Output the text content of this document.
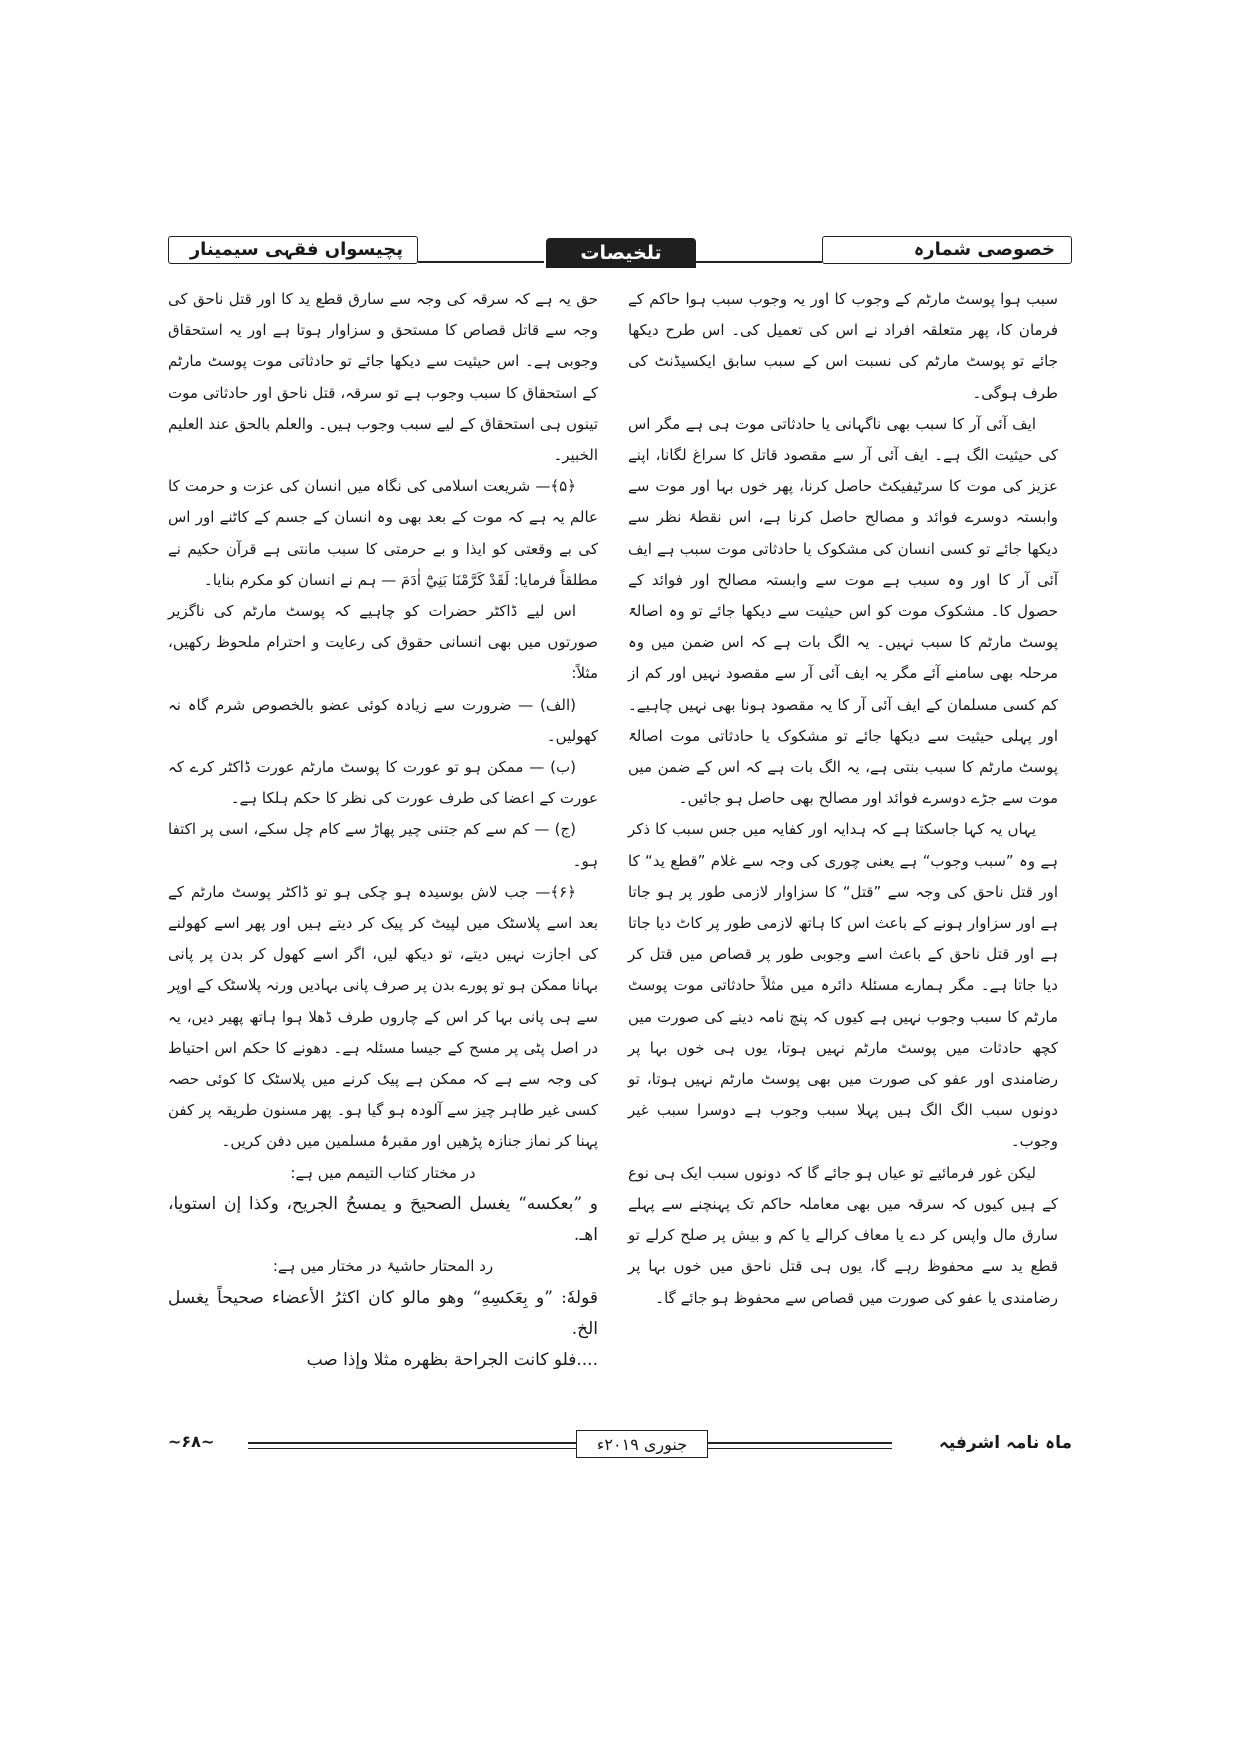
خصوصی شمارہ
تلخیصات
پچیسواں فقہی سیمینار

سبب ہوا پوسٹ مارٹم کے وجوب کا اور یہ وجوب سبب ہوا حاکم کے فرمان کا، پھر متعلقہ افراد نے اس کی تعمیل کی۔ اس طرح دیکھا جائے تو پوسٹ مارٹم کی نسبت اس کے سبب سابق ایکسیڈنٹ کی طرف ہوگی۔

ایف آئی آر کا سبب بھی ناگہانی یا حادثاتی موت ہی ہے مگر اس کی حیثیت الگ ہے۔ ایف آئی آر سے مقصود قاتل کا سراغ لگانا، اپنے عزیز کی موت کا سرٹیفیکٹ حاصل کرنا، پھر خوں بہا اور موت سے وابستہ دوسرے فوائد و مصالح حاصل کرنا ہے، اس نقطۂ نظر سے دیکھا جائے تو کسی انسان کی مشکوک یا حادثاتی موت سبب ہے ایف آئی آر کا اور وہ سبب ہے موت سے وابستہ مصالح اور فوائد کے حصول کا۔ مشکوک موت کو اس حیثیت سے دیکھا جائے تو وہ اصالۃً پوسٹ مارٹم کا سبب نہیں۔ یہ الگ بات ہے کہ اس ضمن میں وہ مرحلہ بھی سامنے آئے مگر یہ ایف آئی آر سے مقصود نہیں اور کم از کم کسی مسلمان کے ایف آئی آر کا یہ مقصود ہونا بھی نہیں چاہیے۔ اور پہلی حیثیت سے دیکھا جائے تو مشکوک یا حادثاتی موت اصالۃً پوسٹ مارٹم کا سبب بنتی ہے، یہ الگ بات ہے کہ اس کے ضمن میں موت سے جڑے دوسرے فوائد اور مصالح بھی حاصل ہو جائیں۔

یہاں یہ کہا جاسکتا ہے کہ ہدایہ اور کفایہ میں جس سبب کا ذکر ہے وہ ”سبب وجوب“ ہے یعنی چوری کی وجہ سے غلام ”قطع ید“ کا اور قتل ناحق کی وجہ سے ”قتل“ کا سزاوار لازمی طور پر ہو جاتا ہے اور سزاوار ہونے کے باعث اس کا ہاتھ لازمی طور پر کاٹ دیا جاتا ہے اور قتل ناحق کے باعث اسے وجوبی طور پر قصاص میں قتل کر دیا جاتا ہے۔ مگر ہمارے مسئلۂ دائرہ میں مثلاً حادثاتی موت پوسٹ مارٹم کا سبب وجوب نہیں ہے کیوں کہ پنچ نامہ دینے کی صورت میں کچھ حادثات میں پوسٹ مارٹم نہیں ہوتا، یوں ہی خوں بہا پر رضامندی اور عفو کی صورت میں بھی پوسٹ مارٹم نہیں ہوتا، تو دونوں سبب الگ الگ ہیں پہلا سبب وجوب ہے دوسرا سبب غیر وجوب۔

لیکن غور فرمائیے تو عیاں ہو جائے گا کہ دونوں سبب ایک ہی نوع کے ہیں کیوں کہ سرقہ میں بھی معاملہ حاکم تک پہنچنے سے پہلے سارق مال واپس کر دے یا معاف کرالے یا کم و بیش پر صلح کرلے تو قطع ید سے محفوظ رہے گا، یوں ہی قتل ناحق میں خوں بہا پر رضامندی یا عفو کی صورت میں قصاص سے محفوظ ہو جائے گا۔

حق یہ ہے کہ سرقہ کی وجہ سے سارق قطع ید کا اور قتل ناحق کی وجہ سے قاتل قصاص کا مستحق و سزاوار ہوتا ہے اور یہ استحقاق وجوبی ہے۔ اس حیثیت سے دیکھا جائے تو حادثاتی موت پوسٹ مارٹم کے استحقاق کا سبب وجوب ہے تو سرقہ، قتل ناحق اور حادثاتی موت تینوں ہی استحقاق کے لیے سبب وجوب ہیں۔ والعلم بالحق عند العلیم الخبیر۔

﴿۵﴾— شریعت اسلامی کی نگاہ میں انسان کی عزت و حرمت کا عالم یہ ہے کہ موت کے بعد بھی وہ انسان کے جسم کے کاٹنے اور اس کی بے وقعتی کو ایذا و بے حرمتی کا سبب مانتی ہے قرآن حکیم نے مطلقاً فرمایا: لَقَدْ كَرَّمْنَا بَنِيْٓ اٰدَمَ — ہم نے انسان کو مکرم بنایا۔

اس لیے ڈاکٹر حضرات کو چاہیے کہ پوسٹ مارٹم کی ناگزیر صورتوں میں بھی انسانی حقوق کی رعایت و احترام ملحوظ رکھیں، مثلاً:

(الف) — ضرورت سے زیادہ کوئی عضو بالخصوص شرم گاہ نہ کھولیں۔

(ب) — ممکن ہو تو عورت کا پوسٹ مارٹم عورت ڈاکٹر کرے کہ عورت کے اعضا کی طرف عورت کی نظر کا حکم ہلکا ہے۔

(ج) — کم سے کم جتنی چیر پھاڑ سے کام چل سکے، اسی پر اکتفا ہو۔

﴿۶﴾— جب لاش بوسیدہ ہو چکی ہو تو ڈاکٹر پوسٹ مارٹم کے بعد اسے پلاسٹک میں لپیٹ کر پیک کر دیتے ہیں اور پھر اسے کھولنے کی اجازت نہیں دیتے، تو دیکھ لیں، اگر اسے کھول کر بدن پر پانی بہانا ممکن ہو تو پورے بدن پر صرف پانی بہادیں ورنہ پلاسٹک کے اوپر سے ہی پانی بہا کر اس کے چاروں طرف ڈھلا ہوا ہاتھ پھیر دیں، یہ در اصل پٹی پر مسح کے جیسا مسئلہ ہے۔ دھونے کا حکم اس احتیاط کی وجہ سے ہے کہ ممکن ہے پیک کرنے میں پلاسٹک کا کوئی حصہ کسی غیر طاہر چیز سے آلودہ ہو گیا ہو۔ پھر مسنون طریقہ پر کفن پہنا کر نماز جنازہ پڑھیں اور مقبرۂ مسلمین میں دفن کریں۔

در مختار کتاب التیمم میں ہے:

و ”بعكسه“ يغسل الصحيحَ و يمسحُ الجريح، وكذا إن استويا، اهـ.

رد المحتار حاشیۂ در مختار میں ہے:

قولهٗ: ”و بِعَكسِهِ“ وهو مالو كان اكثرُ الأعضاء صحيحاً يغسل الخ.

....فلو كانت الجراحة بظهره مثلا وإذا صب

ماہ نامہ اشرفیہ
جنوری ۲۰۱۹ء
~۶۸~
